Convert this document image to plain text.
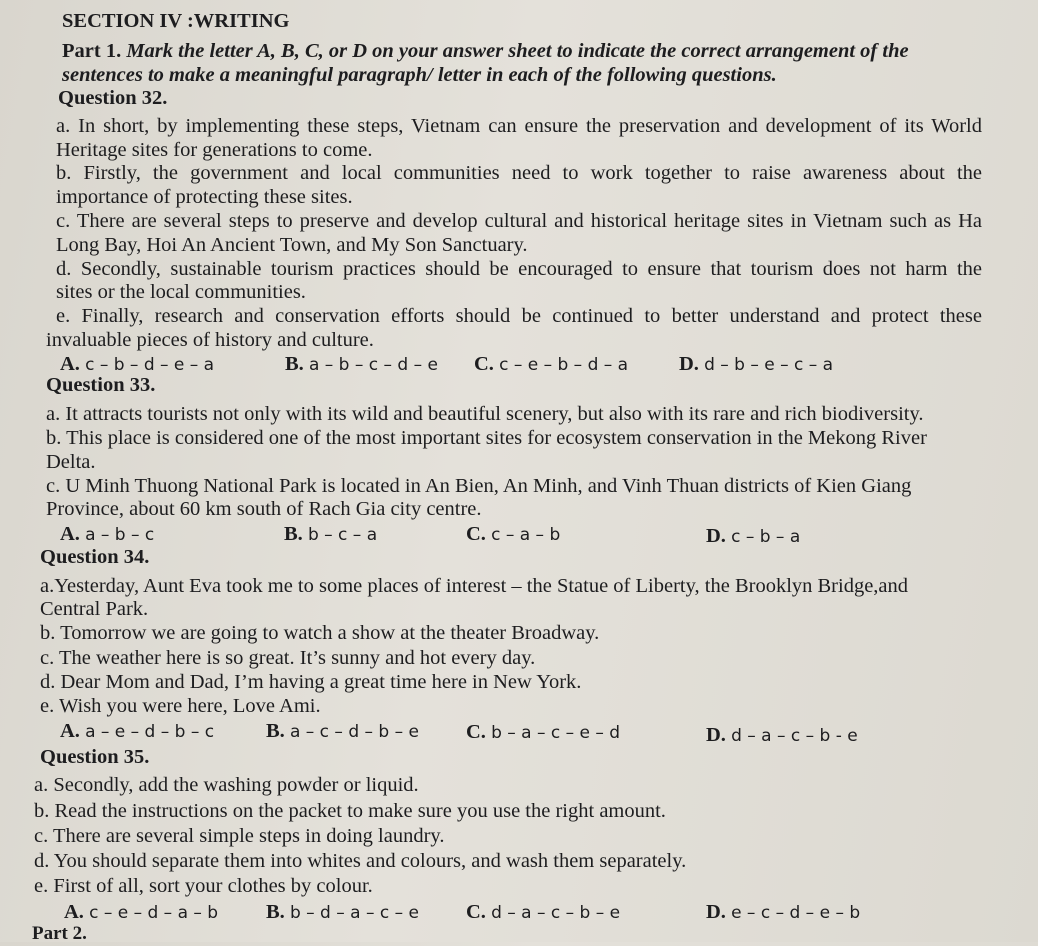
SECTION IV :WRITING
Part 1. Mark the letter A, B, C, or D on your answer sheet to indicate the correct arrangement of the
sentences to make a meaningful paragraph/ letter in each of the following questions.
Question 32.
a. In short, by implementing these steps, Vietnam can ensure the preservation and development of its World
Heritage sites for generations to come.
b. Firstly, the government and local communities need to work together to raise awareness about the
importance of protecting these sites.
c. There are several steps to preserve and develop cultural and historical heritage sites in Vietnam such as Ha
Long Bay, Hoi An Ancient Town, and My Son Sanctuary.
d. Secondly, sustainable tourism practices should be encouraged to ensure that tourism does not harm the
sites or the local communities.
e. Finally, research and conservation efforts should be continued to better understand and protect these
invaluable pieces of history and culture.
A. c – b – d – e – a	B. a – b – c – d – e C. c – e – b – d – a D. d – b – e – c – a
Question 33.
a. It attracts tourists not only with its wild and beautiful scenery, but also with its rare and rich biodiversity.
b. This place is considered one of the most important sites for ecosystem conservation in the Mekong River
Delta.
c. U Minh Thuong National Park is located in An Bien, An Minh, and Vinh Thuan districts of Kien Giang
Province, about 60 km south of Rach Gia city centre.
A. a – b – c	B. b – c – a	C. c – a – b	D. c – b – a
Question 34.
a.Yesterday, Aunt Eva took me to some places of interest – the Statue of Liberty, the Brooklyn Bridge,and
Central Park.
b. Tomorrow we are going to watch a show at the theater Broadway.
c. The weather here is so great. It’s sunny and hot every day.
d. Dear Mom and Dad, I’m having a great time here in New York.
e. Wish you were here, Love Ami.
A. a – e – d – b – c	B. a – c – d – b – e C. b – a – c – e – d	D. d – a – c – b - e
Question 35.
a. Secondly, add the washing powder or liquid.
b. Read the instructions on the packet to make sure you use the right amount.
c. There are several simple steps in doing laundry.
d. You should separate them into whites and colours, and wash them separately.
e. First of all, sort your clothes by colour.
A. c – e – d – a – b B. b – d – a – c – e C. d – a – c – b – e	D. e – c – d – e – b
Part 2.
